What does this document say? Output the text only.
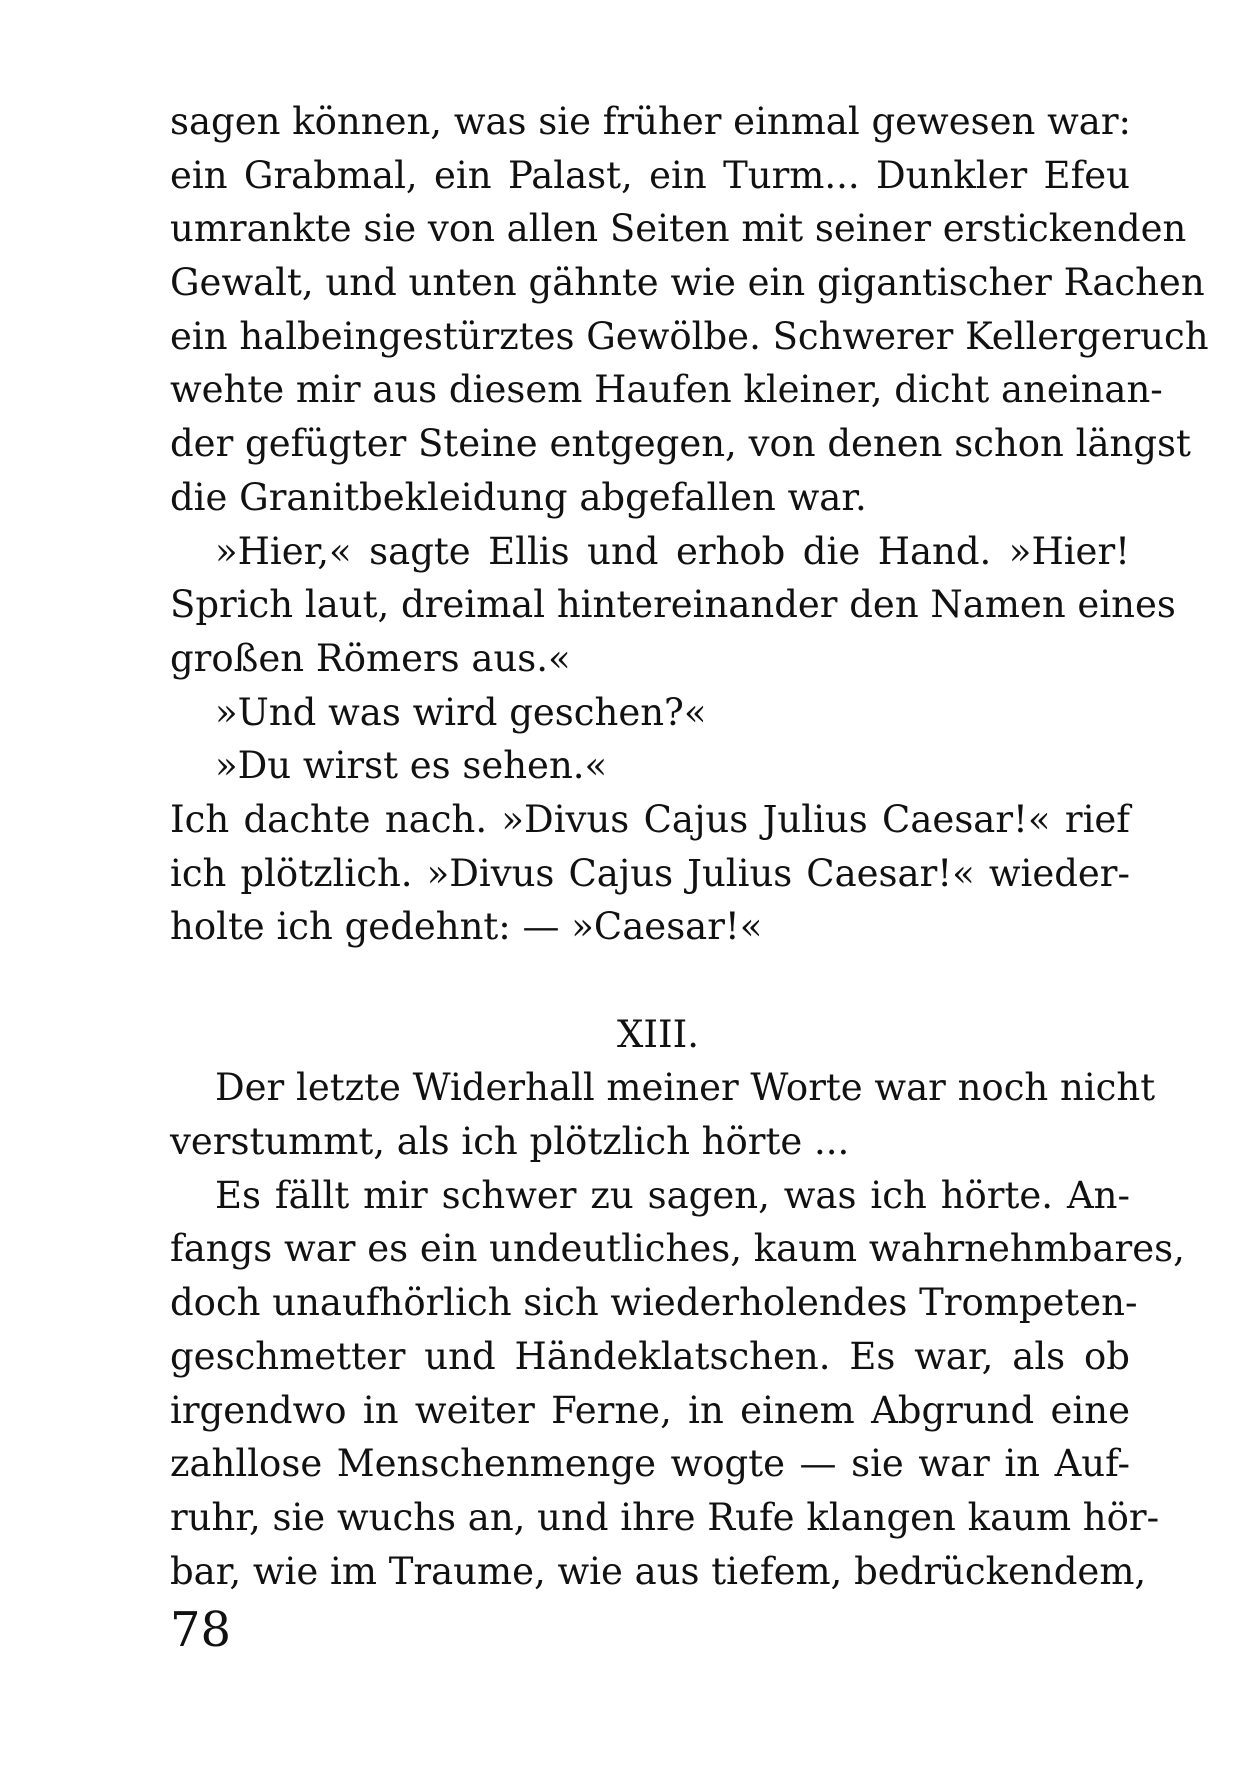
sagen können, was sie früher einmal gewesen war:
ein Grabmal, ein Palast, ein Turm... Dunkler Efeu
umrankte sie von allen Seiten mit seiner erstickenden
Gewalt, und unten gähnte wie ein gigantischer Rachen
ein halbeingestürztes Gewölbe. Schwerer Kellergeruch
wehte mir aus diesem Haufen kleiner, dicht aneinan-
der gefügter Steine entgegen, von denen schon längst
die Granitbekleidung abgefallen war.
»Hier,« sagte Ellis und erhob die Hand. »Hier!
Sprich laut, dreimal hintereinander den Namen eines
großen Römers aus.«
»Und was wird geschen?«
»Du wirst es sehen.«
Ich dachte nach. »Divus Cajus Julius Caesar!« rief
ich plötzlich. »Divus Cajus Julius Caesar!« wieder-
holte ich gedehnt: — »Caesar!«
XIII.
Der letzte Widerhall meiner Worte war noch nicht
verstummt, als ich plötzlich hörte ...
Es fällt mir schwer zu sagen, was ich hörte. An-
fangs war es ein undeutliches, kaum wahrnehmbares,
doch unaufhörlich sich wiederholendes Trompeten-
geschmetter und Händeklatschen. Es war, als ob
irgendwo in weiter Ferne, in einem Abgrund eine
zahllose Menschenmenge wogte — sie war in Auf-
ruhr, sie wuchs an, und ihre Rufe klangen kaum hör-
bar, wie im Traume, wie aus tiefem, bedrückendem,
78
